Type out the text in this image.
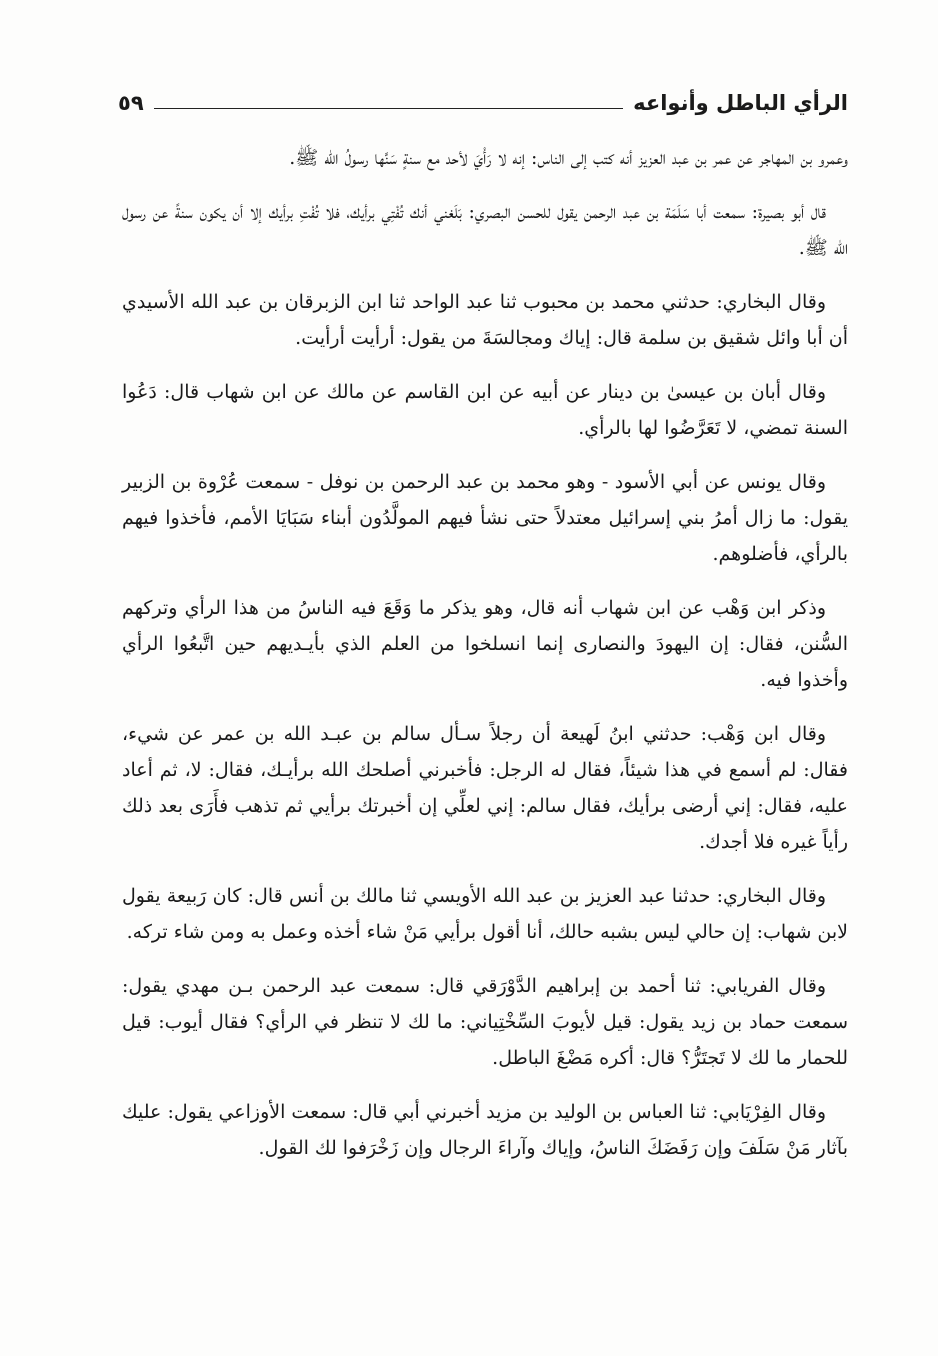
الرأي الباطل وأنواعه
٥٩

وعمرو بن المهاجر عن عمر بن عبد العزيز أنه كتب إلى الناس: إنه لا رَأْيَ لأحد مع سنةٍ سَنَّها رسولُ الله ﷺ.

قال أبو بصيرة: سمعت أبا سَلَمَة بن عبد الرحمن يقول للحسن البصري: بَلَغني أنك تُفْتِي برأيك، فلا تُفْتِ برأيك إلا أن يكون سنةً عن رسول الله ﷺ.

وقال البخاري: حدثني محمد بن محبوب ثنا عبد الواحد ثنا ابن الزبرقان بن عبد الله الأسيدي أن أبا وائل شقيق بن سلمة قال: إياك ومجالسَةَ من يقول: أرأيت أرأيت.

وقال أبان بن عيسىٰ بن دينار عن أبيه عن ابن القاسم عن مالك عن ابن شهاب قال: دَعُوا السنة تمضي، لا تَعَرَّضُوا لها بالرأي.

وقال يونس عن أبي الأسود - وهو محمد بن عبد الرحمن بن نوفل - سمعت عُرْوة بن الزبير يقول: ما زال أمرُ بني إسرائيل معتدلاً حتى نشأ فيهم المولَّدُون أبناء سَبَايَا الأمم، فأخذوا فيهم بالرأي، فأضلوهم.

وذكر ابن وَهْب عن ابن شهاب أنه قال، وهو يذكر ما وَقَعَ فيه الناسُ من هذا الرأي وتركهم السُّنن، فقال: إن اليهودَ والنصارى إنما انسلخوا من العلم الذي بأيـديهم حين اتَّبعُوا الرأي وأخذوا فيه.

وقال ابن وَهْب: حدثني ابنُ لَهيعة أن رجلاً سـأل سالم بن عبـد الله بن عمر عن شيء، فقال: لم أسمع في هذا شيئاً، فقال له الرجل: فأخبرني أصلحك الله برأيـك، فقال: لا، ثم أعاد عليه، فقال: إني أرضى برأيك، فقال سالم: إني لعلِّي إن أخبرتك برأيي ثم تذهب فأَرَى بعد ذلك رأياً غيره فلا أجدك.

وقال البخاري: حدثنا عبد العزيز بن عبد الله الأويسي ثنا مالك بن أنس قال: كان رَبيعة يقول لابن شهاب: إن حالي ليس بشبه حالك، أنا أقول برأيي مَنْ شاء أخذه وعمل به ومن شاء تركه.

وقال الفريابي: ثنا أحمد بن إبراهيم الدَّوْرَقي قال: سمعت عبد الرحمن بـن مهدي يقول: سمعت حماد بن زيد يقول: قيل لأيوبَ السِّخْتِياني: ما لك لا تنظر في الرأي؟ فقال أيوب: قيل للحمار ما لك لا تَجتَرُّ؟ قال: أكره مَضْغَ الباطل.

وقال الفِرْيَابي: ثنا العباس بن الوليد بن مزيد أخبرني أبي قال: سمعت الأوزاعي يقول: عليك بآثار مَنْ سَلَفَ وإن رَفَضَكَ الناسُ، وإياك وآراءَ الرجال وإن زَخْرَفوا لك القول.
